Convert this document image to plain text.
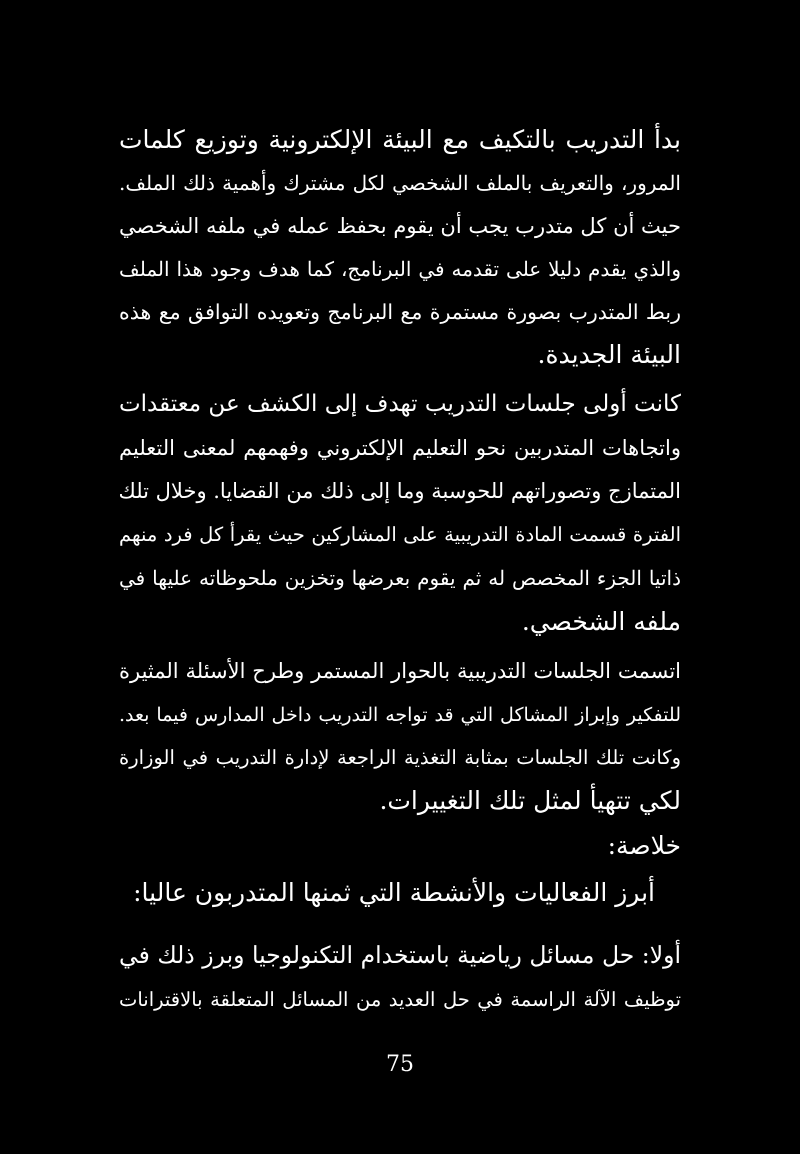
بدأ التدريب بالتكيف مع البيئة الإلكترونية وتوزيع كلمات
المرور، والتعريف بالملف الشخصي لكل مشترك وأهمية ذلك الملف.
حيث أن كل متدرب يجب أن يقوم بحفظ عمله في ملفه الشخصي
والذي يقدم دليلا على تقدمه في البرنامج، كما هدف وجود هذا الملف
ربط المتدرب بصورة مستمرة مع البرنامج وتعويده التوافق مع هذه
البيئة الجديدة.
كانت أولى جلسات التدريب تهدف إلى الكشف عن معتقدات
واتجاهات المتدربين نحو التعليم الإلكتروني وفهمهم لمعنى التعليم
المتمازج وتصوراتهم للحوسبة وما إلى ذلك من القضايا. وخلال تلك
الفترة قسمت المادة التدريبية على المشاركين حيث يقرأ كل فرد منهم
ذاتيا الجزء المخصص له ثم يقوم بعرضها وتخزين ملحوظاته عليها في
ملفه الشخصي.
اتسمت الجلسات التدريبية بالحوار المستمر وطرح الأسئلة المثيرة
للتفكير وإبراز المشاكل التي قد تواجه التدريب داخل المدارس فيما بعد.
وكانت تلك الجلسات بمثابة التغذية الراجعة لإدارة التدريب في الوزارة
لكي تتهيأ لمثل تلك التغييرات.
خلاصة:
أبرز الفعاليات والأنشطة التي ثمنها المتدربون عاليا:
أولا: حل مسائل رياضية باستخدام التكنولوجيا وبرز ذلك في
توظيف الآلة الراسمة في حل العديد من المسائل المتعلقة بالاقترانات
75
